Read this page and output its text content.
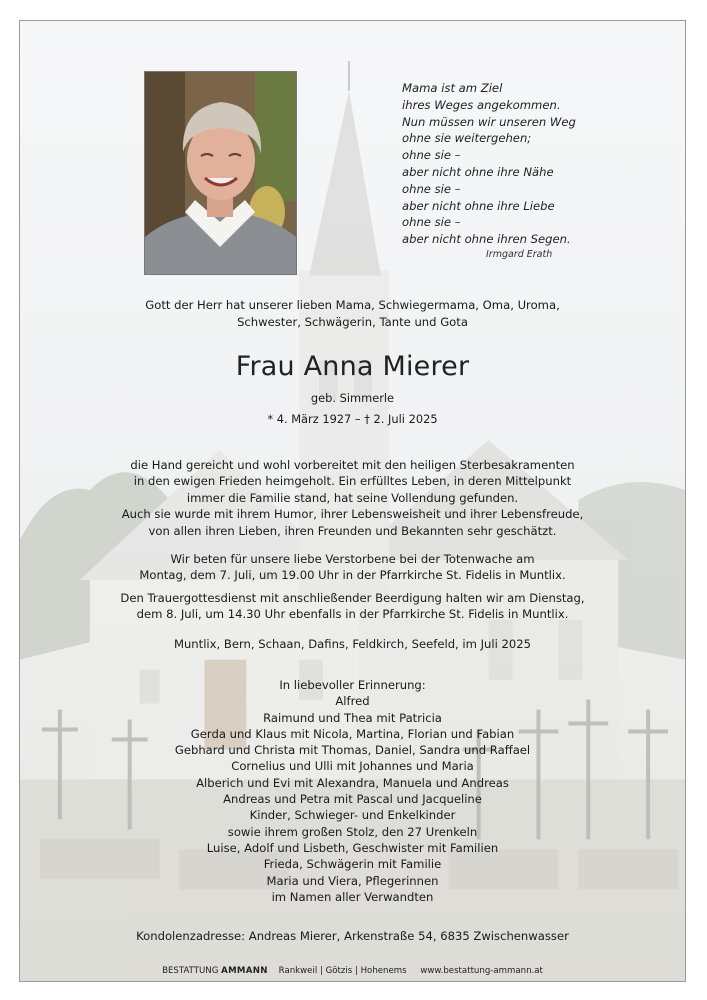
Mama ist am Ziel
ihres Weges angekommen.
Nun müssen wir unseren Weg
ohne sie weitergehen;
ohne sie –
aber nicht ohne ihre Nähe
ohne sie –
aber nicht ohne ihre Liebe
ohne sie –
aber nicht ohne ihren Segen.
Irmgard Erath
Gott der Herr hat unserer lieben Mama, Schwiegermama, Oma, Uroma,
Schwester, Schwägerin, Tante und Gota
Frau Anna Mierer
geb. Simmerle
* 4. März 1927 – † 2. Juli 2025

die Hand gereicht und wohl vorbereitet mit den heiligen Sterbesakramenten
in den ewigen Frieden heimgeholt. Ein erfülltes Leben, in deren Mittelpunkt
immer die Familie stand, hat seine Vollendung gefunden.
Auch sie wurde mit ihrem Humor, ihrer Lebensweisheit und ihrer Lebensfreude,
von allen ihren Lieben, ihren Freunden und Bekannten sehr geschätzt.

Wir beten für unsere liebe Verstorbene bei der Totenwache am
Montag, dem 7. Juli, um 19.00 Uhr in der Pfarrkirche St. Fidelis in Muntlix.
Den Trauergottesdienst mit anschließender Beerdigung halten wir am Dienstag,
dem 8. Juli, um 14.30 Uhr ebenfalls in der Pfarrkirche St. Fidelis in Muntlix.
Muntlix, Bern, Schaan, Dafins, Feldkirch, Seefeld, im Juli 2025
In liebevoller Erinnerung:
Alfred
Raimund und Thea mit Patricia
Gerda und Klaus mit Nicola, Martina, Florian und Fabian
Gebhard und Christa mit Thomas, Daniel, Sandra und Raffael
Cornelius und Ulli mit Johannes und Maria
Alberich und Evi mit Alexandra, Manuela und Andreas
Andreas und Petra mit Pascal und Jacqueline
Kinder, Schwieger- und Enkelkinder
sowie ihrem großen Stolz, den 27 Urenkeln
Luise, Adolf und Lisbeth, Geschwister mit Familien
Frieda, Schwägerin mit Familie
Maria und Viera, Pflegerinnen
im Namen aller Verwandten
Kondolenzadresse: Andreas Mierer, Arkenstraße 54, 6835 Zwischenwasser
BESTATTUNG AMMANN Rankweil | Götzis | Hohenems www.bestattung-ammann.at
